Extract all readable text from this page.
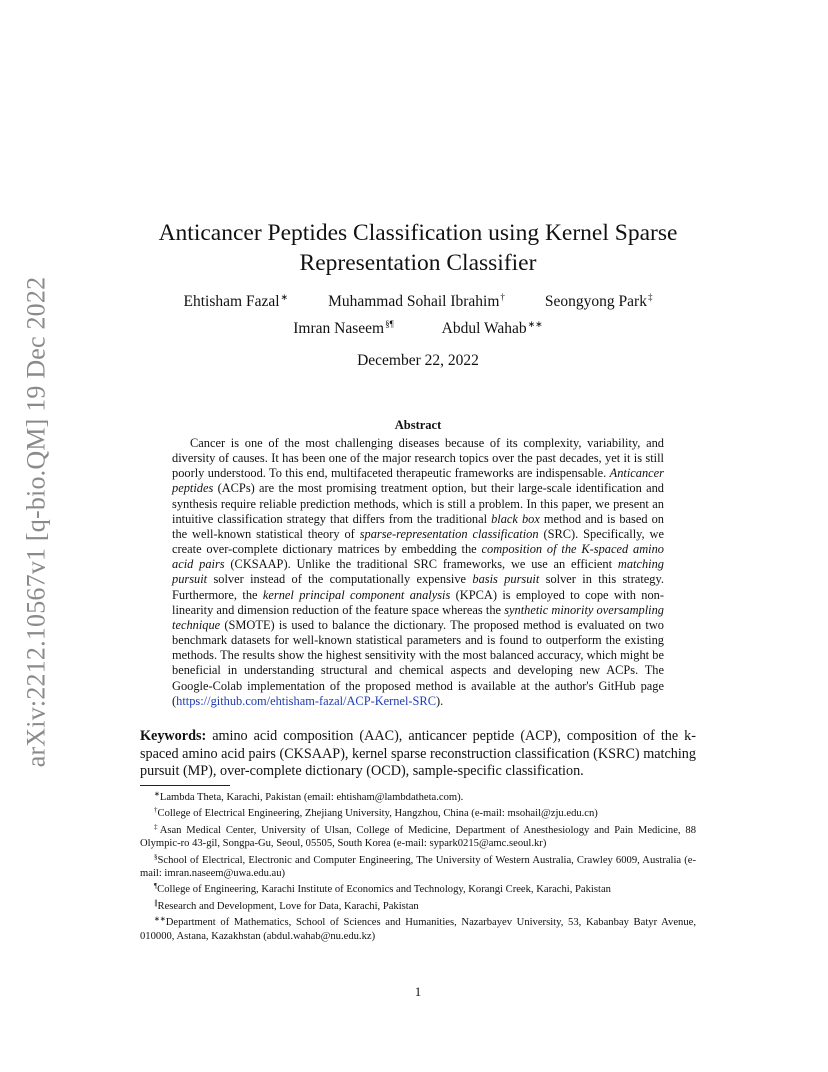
arXiv:2212.10567v1 [q-bio.QM] 19 Dec 2022
Anticancer Peptides Classification using Kernel Sparse
Representation Classifier
Ehtisham Fazal∗	Muhammad Sohail Ibrahim†	Seongyong Park‡
Imran Naseem§¶	Abdul Wahab∗∗
December 22, 2022
Abstract
Cancer is one of the most challenging diseases because of its complexity, variability, and diversity of causes. It has been one of the major research topics over the past decades, yet it is still poorly understood. To this end, multifaceted therapeutic frameworks are indispensable. Anticancer peptides (ACPs) are the most promising treatment option, but their large-scale identification and synthesis require reliable prediction methods, which is still a problem. In this paper, we present an intuitive classification strategy that differs from the traditional black box method and is based on the well-known statistical theory of sparse-representation classification (SRC). Specifically, we create over-complete dictionary matrices by embedding the composition of the K-spaced amino acid pairs (CKSAAP). Unlike the traditional SRC frameworks, we use an efficient matching pursuit solver instead of the computationally expensive basis pursuit solver in this strategy. Furthermore, the kernel principal component analysis (KPCA) is employed to cope with non-linearity and dimension reduction of the feature space whereas the synthetic minority oversampling technique (SMOTE) is used to balance the dictionary. The proposed method is evaluated on two benchmark datasets for well-known statistical parameters and is found to outperform the existing methods. The results show the highest sensitivity with the most balanced accuracy, which might be beneficial in understanding structural and chemical aspects and developing new ACPs. The Google-Colab implementation of the proposed method is available at the author's GitHub page (https://github.com/ehtisham-fazal/ACP-Kernel-SRC).
Keywords: amino acid composition (AAC), anticancer peptide (ACP), composition of the k-spaced amino acid pairs (CKSAAP), kernel sparse reconstruction classification (KSRC) matching pursuit (MP), over-complete dictionary (OCD), sample-specific classification.

∗Lambda Theta, Karachi, Pakistan (email: ehtisham@lambdatheta.com).

†College of Electrical Engineering, Zhejiang University, Hangzhou, China (e-mail: msohail@zju.edu.cn)

‡Asan Medical Center, University of Ulsan, College of Medicine, Department of Anesthesiology and Pain Medicine, 88 Olympic-ro 43-gil, Songpa-Gu, Seoul, 05505, South Korea (e-mail: sypark0215@amc.seoul.kr)

§School of Electrical, Electronic and Computer Engineering, The University of Western Australia, Crawley 6009, Australia (e-mail: imran.naseem@uwa.edu.au)

¶College of Engineering, Karachi Institute of Economics and Technology, Korangi Creek, Karachi, Pakistan

∥Research and Development, Love for Data, Karachi, Pakistan

∗∗Department of Mathematics, School of Sciences and Humanities, Nazarbayev University, 53, Kabanbay Batyr Avenue, 010000, Astana, Kazakhstan (abdul.wahab@nu.edu.kz)

1
